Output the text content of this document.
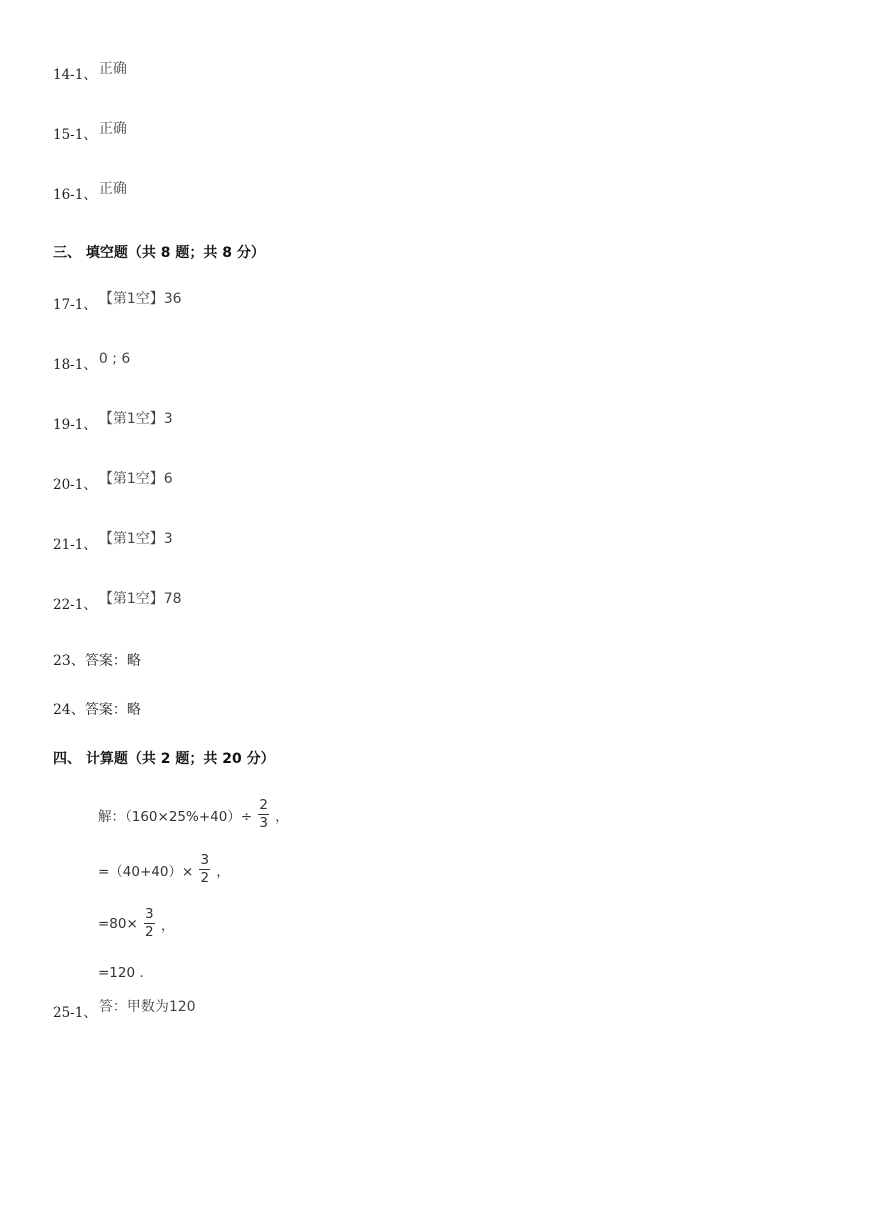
14-1、 正确
15-1、 正确
16-1、 正确
三、 填空题（共 8 题；共 8 分）
17-1、 【第1空】36
18-1、 0 ; 6
19-1、 【第1空】3
20-1、 【第1空】6
21-1、 【第1空】3
22-1、 【第1空】78
23、答案：略
24、答案：略
四、 计算题（共 2 题；共 20 分）
解：$(160\times 25\%+40)\div \frac{2}{3}$ ，
$=(40+40)\times \frac{3}{2}$ ，
$=80\times \frac{3}{2}$ ，
=120 .
25-1、 答：甲数为120
